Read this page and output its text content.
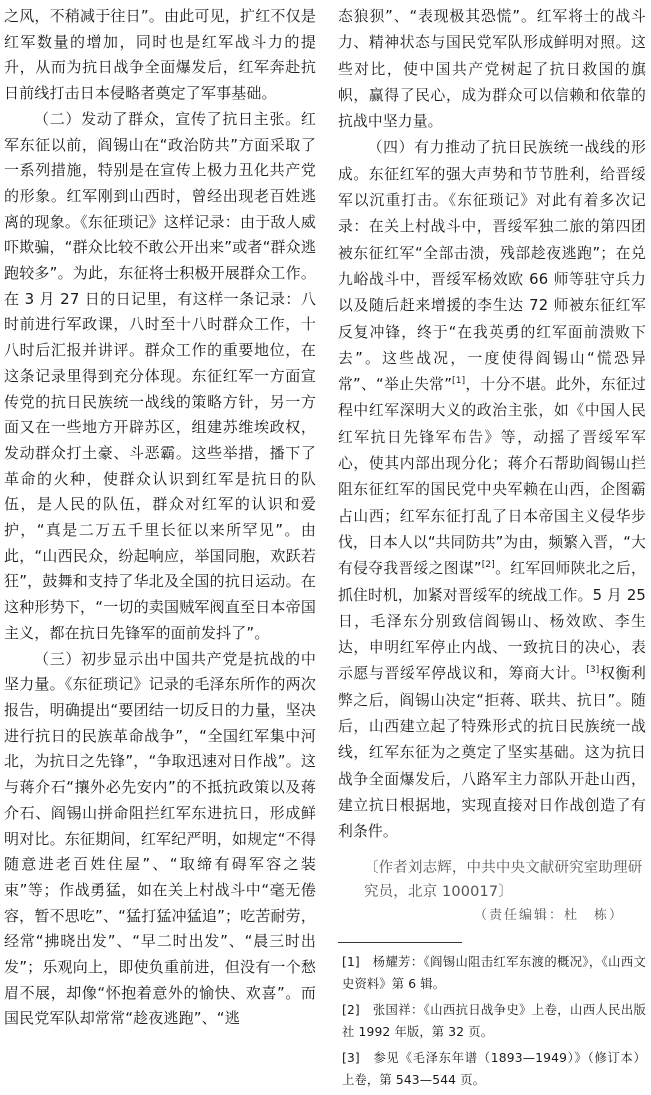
之风，不稍减于往日”。由此可见，扩红不仅是红军数量的增加，同时也是红军战斗力的提升，从而为抗日战争全面爆发后，红军奔赴抗日前线打击日本侵略者奠定了军事基础。

（二）发动了群众，宣传了抗日主张。红军东征以前，阎锡山在“政治防共”方面采取了一系列措施，特别是在宣传上极力丑化共产党的形象。红军刚到山西时，曾经出现老百姓逃离的现象。《东征琐记》这样记录：由于敌人威吓欺骗，“群众比较不敢公开出来”或者“群众逃跑较多”。为此，东征将士积极开展群众工作。在 3 月 27 日的日记里，有这样一条记录：八时前进行军政课，八时至十八时群众工作，十八时后汇报并讲评。群众工作的重要地位，在这条记录里得到充分体现。东征红军一方面宣传党的抗日民族统一战线的策略方针，另一方面又在一些地方开辟苏区，组建苏维埃政权，发动群众打土豪、斗恶霸。这些举措，播下了革命的火种，使群众认识到红军是抗日的队伍，是人民的队伍，群众对红军的认识和爱护，“真是二万五千里长征以来所罕见”。由此，“山西民众，纷起响应，举国同胞，欢跃若狂”，鼓舞和支持了华北及全国的抗日运动。在这种形势下，“一切的卖国贼军阀直至日本帝国主义，都在抗日先锋军的面前发抖了”。

（三）初步显示出中国共产党是抗战的中坚力量。《东征琐记》记录的毛泽东所作的两次报告，明确提出“要团结一切反日的力量，坚决进行抗日的民族革命战争”，“全国红军集中河北，为抗日之先锋”，“争取迅速对日作战”。这与蒋介石“攘外必先安内”的不抵抗政策以及蒋介石、阎锡山拼命阻拦红军东进抗日，形成鲜明对比。东征期间，红军纪严明，如规定“不得随意进老百姓住屋”、“取缔有碍军容之装束”等；作战勇猛，如在关上村战斗中“毫无倦容，暂不思吃”、“猛打猛冲猛追”；吃苦耐劳，经常“拂晓出发”、“早二时出发”、“晨三时出发”；乐观向上，即使负重前进，但没有一个愁眉不展，却像“怀抱着意外的愉快、欢喜”。而国民党军队却常常“趁夜逃跑”、“逃

态狼狈”、“表现极其恐慌”。红军将士的战斗力、精神状态与国民党军队形成鲜明对照。这些对比，使中国共产党树起了抗日救国的旗帜，赢得了民心，成为群众可以信赖和依靠的抗战中坚力量。

（四）有力推动了抗日民族统一战线的形成。东征红军的强大声势和节节胜利，给晋绥军以沉重打击。《东征琐记》对此有着多次记录：在关上村战斗中，晋绥军独二旅的第四团被东征红军“全部击溃，残部趁夜逃跑”；在兑九峪战斗中，晋绥军杨效欧 66 师等驻守兵力以及随后赶来增援的李生达 72 师被东征红军反复冲锋，终于“在我英勇的红军面前溃败下去”。这些战况，一度使得阎锡山“慌恐异常”、“举止失常”[1]，十分不堪。此外，东征过程中红军深明大义的政治主张，如《中国人民红军抗日先锋军布告》等，动摇了晋绥军军心，使其内部出现分化；蒋介石帮助阎锡山拦阻东征红军的国民党中央军赖在山西，企图霸占山西；红军东征打乱了日本帝国主义侵华步伐，日本人以“共同防共”为由，频繁入晋，“大有侵夺我晋绥之图谋”[2]。红军回师陕北之后，抓住时机，加紧对晋绥军的统战工作。5 月 25 日，毛泽东分别致信阎锡山、杨效欧、李生达，申明红军停止内战、一致抗日的决心，表示愿与晋绥军停战议和，筹商大计。[3]权衡利弊之后，阎锡山决定“拒蒋、联共、抗日”。随后，山西建立起了特殊形式的抗日民族统一战线，红军东征为之奠定了坚实基础。这为抗日战争全面爆发后，八路军主力部队开赴山西，建立抗日根据地，实现直接对日作战创造了有利条件。

〔作者刘志辉，中共中央文献研究室助理研究员，北京 100017〕

（责任编辑：杜　栋）

[1]　杨耀芳：《阎锡山阻击红军东渡的概况》，《山西文史资料》第 6 辑。

[2]　张国祥：《山西抗日战争史》上卷，山西人民出版社 1992 年版，第 32 页。

[3]　参见《毛泽东年谱（1893—1949）》（修订本）上卷，第 543—544 页。
